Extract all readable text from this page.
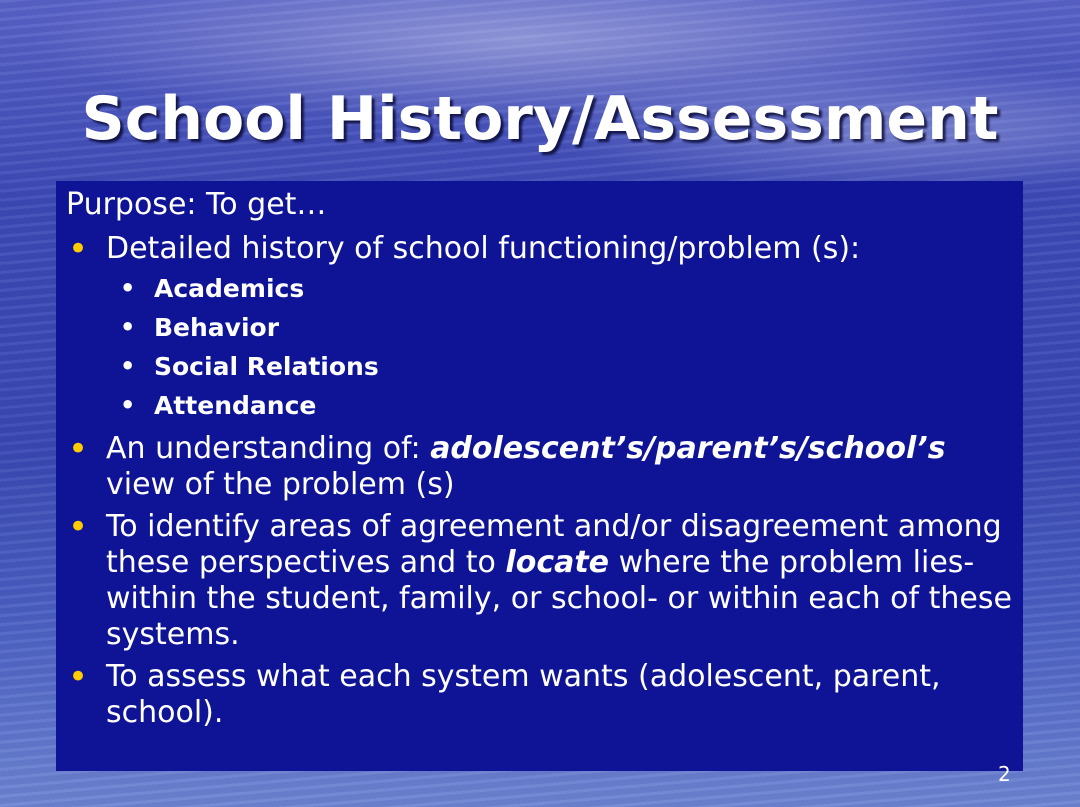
School History/Assessment

Purpose: To get…

• Detailed history of school functioning/problem (s):
• Academics
• Behavior
• Social Relations
• Attendance
• An understanding of: adolescent’s/parent’s/school’s view of the problem (s)
• To identify areas of agreement and/or disagreement among these perspectives and to locate where the problem lies- within the student, family, or school- or within each of these systems.
• To assess what each system wants (adolescent, parent, school).
2
